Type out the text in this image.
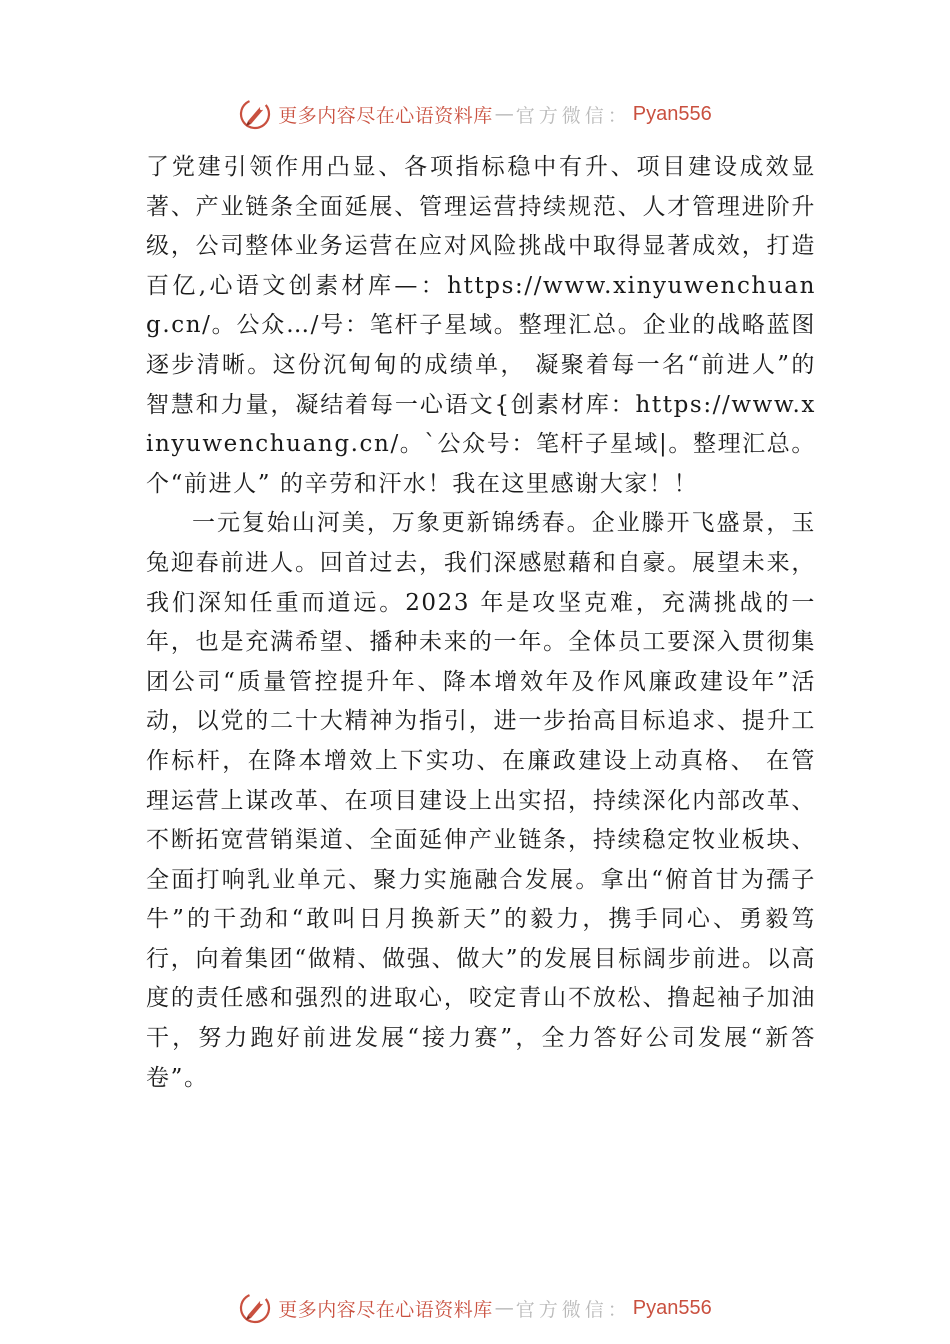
更多内容尽在心语资料库 — 官方微信： Pyan556

了党建引领作用凸显、各项指标稳中有升、项目建设成效显著、产业链条全面延展、管理运营持续规范、人才管理进阶升级，公司整体业务运营在应对风险挑战中取得显著成效，打造百亿,心语文创素材库—：https://www.xinyuwenchuang.cn/。公众…/号：笔杆子星域。整理汇总。企业的战略蓝图逐步清晰。这份沉甸甸的成绩单， 凝聚着每一名“前进人”的智慧和力量，凝结着每一心语文{创素材库：https://www.xinyuwenchuang.cn/。`公众号：笔杆子星域|。整理汇总。个“前进人” 的辛劳和汗水！我在这里感谢大家！！

一元复始山河美，万象更新锦绣春。企业滕开飞盛景，玉兔迎春前进人。回首过去，我们深感慰藉和自豪。展望未来，我们深知任重而道远。2023 年是攻坚克难，充满挑战的一年，也是充满希望、播种未来的一年。全体员工要深入贯彻集团公司“质量管控提升年、降本增效年及作风廉政建设年”活动，以党的二十大精神为指引，进一步抬高目标追求、提升工作标杆，在降本增效上下实功、在廉政建设上动真格、 在管理运营上谋改革、在项目建设上出实招，持续深化内部改革、不断拓宽营销渠道、全面延伸产业链条，持续稳定牧业板块、全面打响乳业单元、聚力实施融合发展。拿出“俯首甘为孺子牛”的干劲和“敢叫日月换新天”的毅力，携手同心、勇毅笃行，向着集团“做精、做强、做大”的发展目标阔步前进。以高度的责任感和强烈的进取心，咬定青山不放松、撸起袖子加油干，努力跑好前进发展“接力赛”，全力答好公司发展“新答卷”。

更多内容尽在心语资料库 — 官方微信： Pyan556
